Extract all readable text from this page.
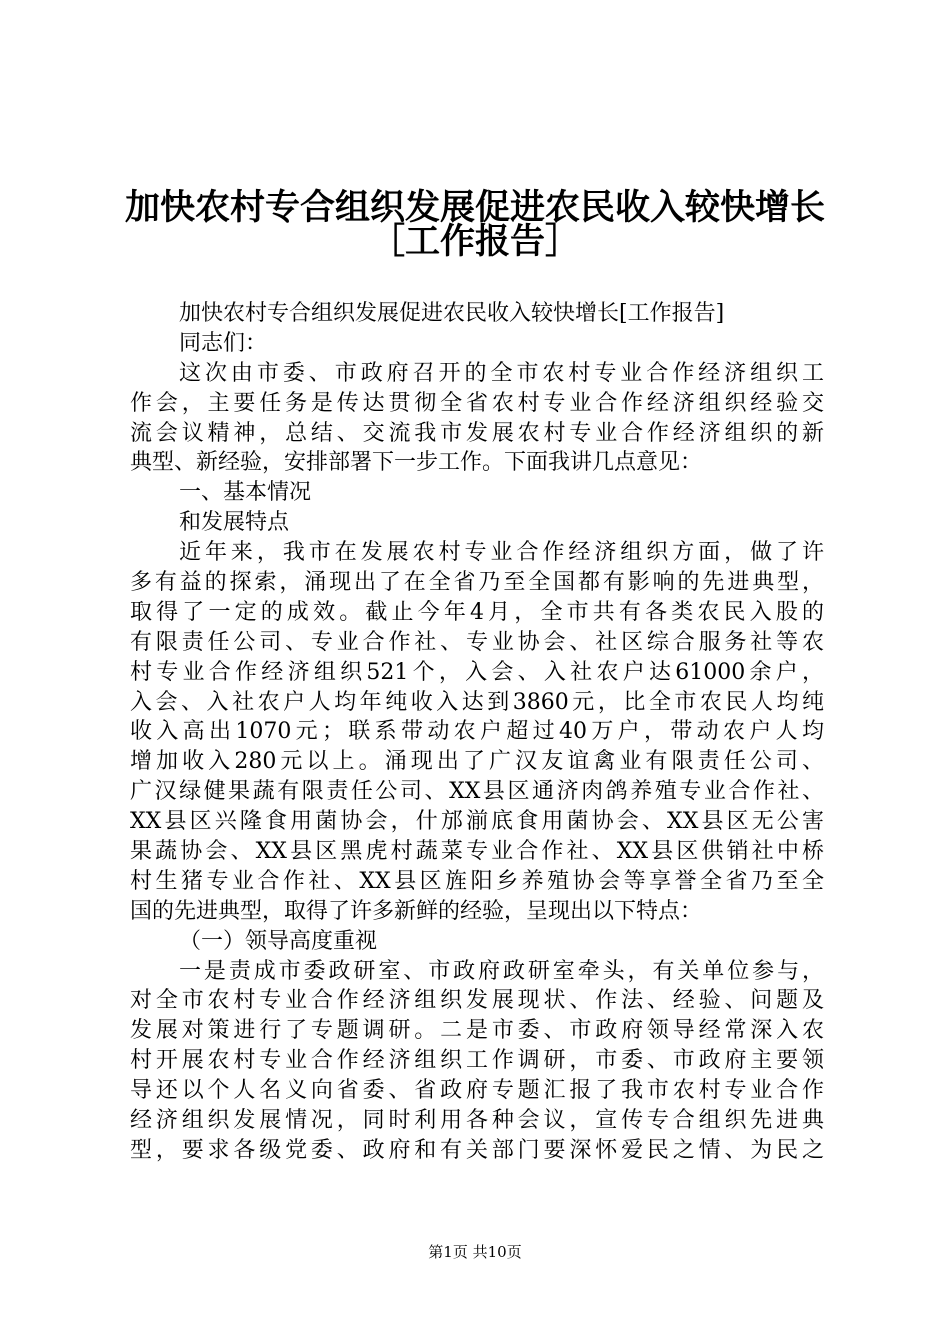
加快农村专合组织发展促进农民收入较快增长
［工作报告］
加快农村专合组织发展促进农民收入较快增长[工作报告]
同志们：
这次由市委、市政府召开的全市农村专业合作经济组织工
作会，主要任务是传达贯彻全省农村专业合作经济组织经验交
流会议精神，总结、交流我市发展农村专业合作经济组织的新
典型、新经验，安排部署下一步工作。下面我讲几点意见：
一、基本情况
和发展特点
近年来，我市在发展农村专业合作经济组织方面，做了许
多有益的探索，涌现出了在全省乃至全国都有影响的先进典型，
取得了一定的成效。截止今年4月，全市共有各类农民入股的
有限责任公司、专业合作社、专业协会、社区综合服务社等农
村专业合作经济组织521个，入会、入社农户达61000余户，
入会、入社农户人均年纯收入达到3860元，比全市农民人均纯
收入高出1070元；联系带动农户超过40万户，带动农户人均
增加收入280元以上。涌现出了广汉友谊禽业有限责任公司、
广汉绿健果蔬有限责任公司、XX县区通济肉鸽养殖专业合作社、
XX县区兴隆食用菌协会，什邡湔底食用菌协会、XX县区无公害
果蔬协会、XX县区黑虎村蔬菜专业合作社、XX县区供销社中桥
村生猪专业合作社、XX县区旌阳乡养殖协会等享誉全省乃至全
国的先进典型，取得了许多新鲜的经验，呈现出以下特点：
（一）领导高度重视
一是责成市委政研室、市政府政研室牵头，有关单位参与，
对全市农村专业合作经济组织发展现状、作法、经验、问题及
发展对策进行了专题调研。二是市委、市政府领导经常深入农
村开展农村专业合作经济组织工作调研，市委、市政府主要领
导还以个人名义向省委、省政府专题汇报了我市农村专业合作
经济组织发展情况，同时利用各种会议，宣传专合组织先进典
型，要求各级党委、政府和有关部门要深怀爱民之情、为民之
第1页 共10页
